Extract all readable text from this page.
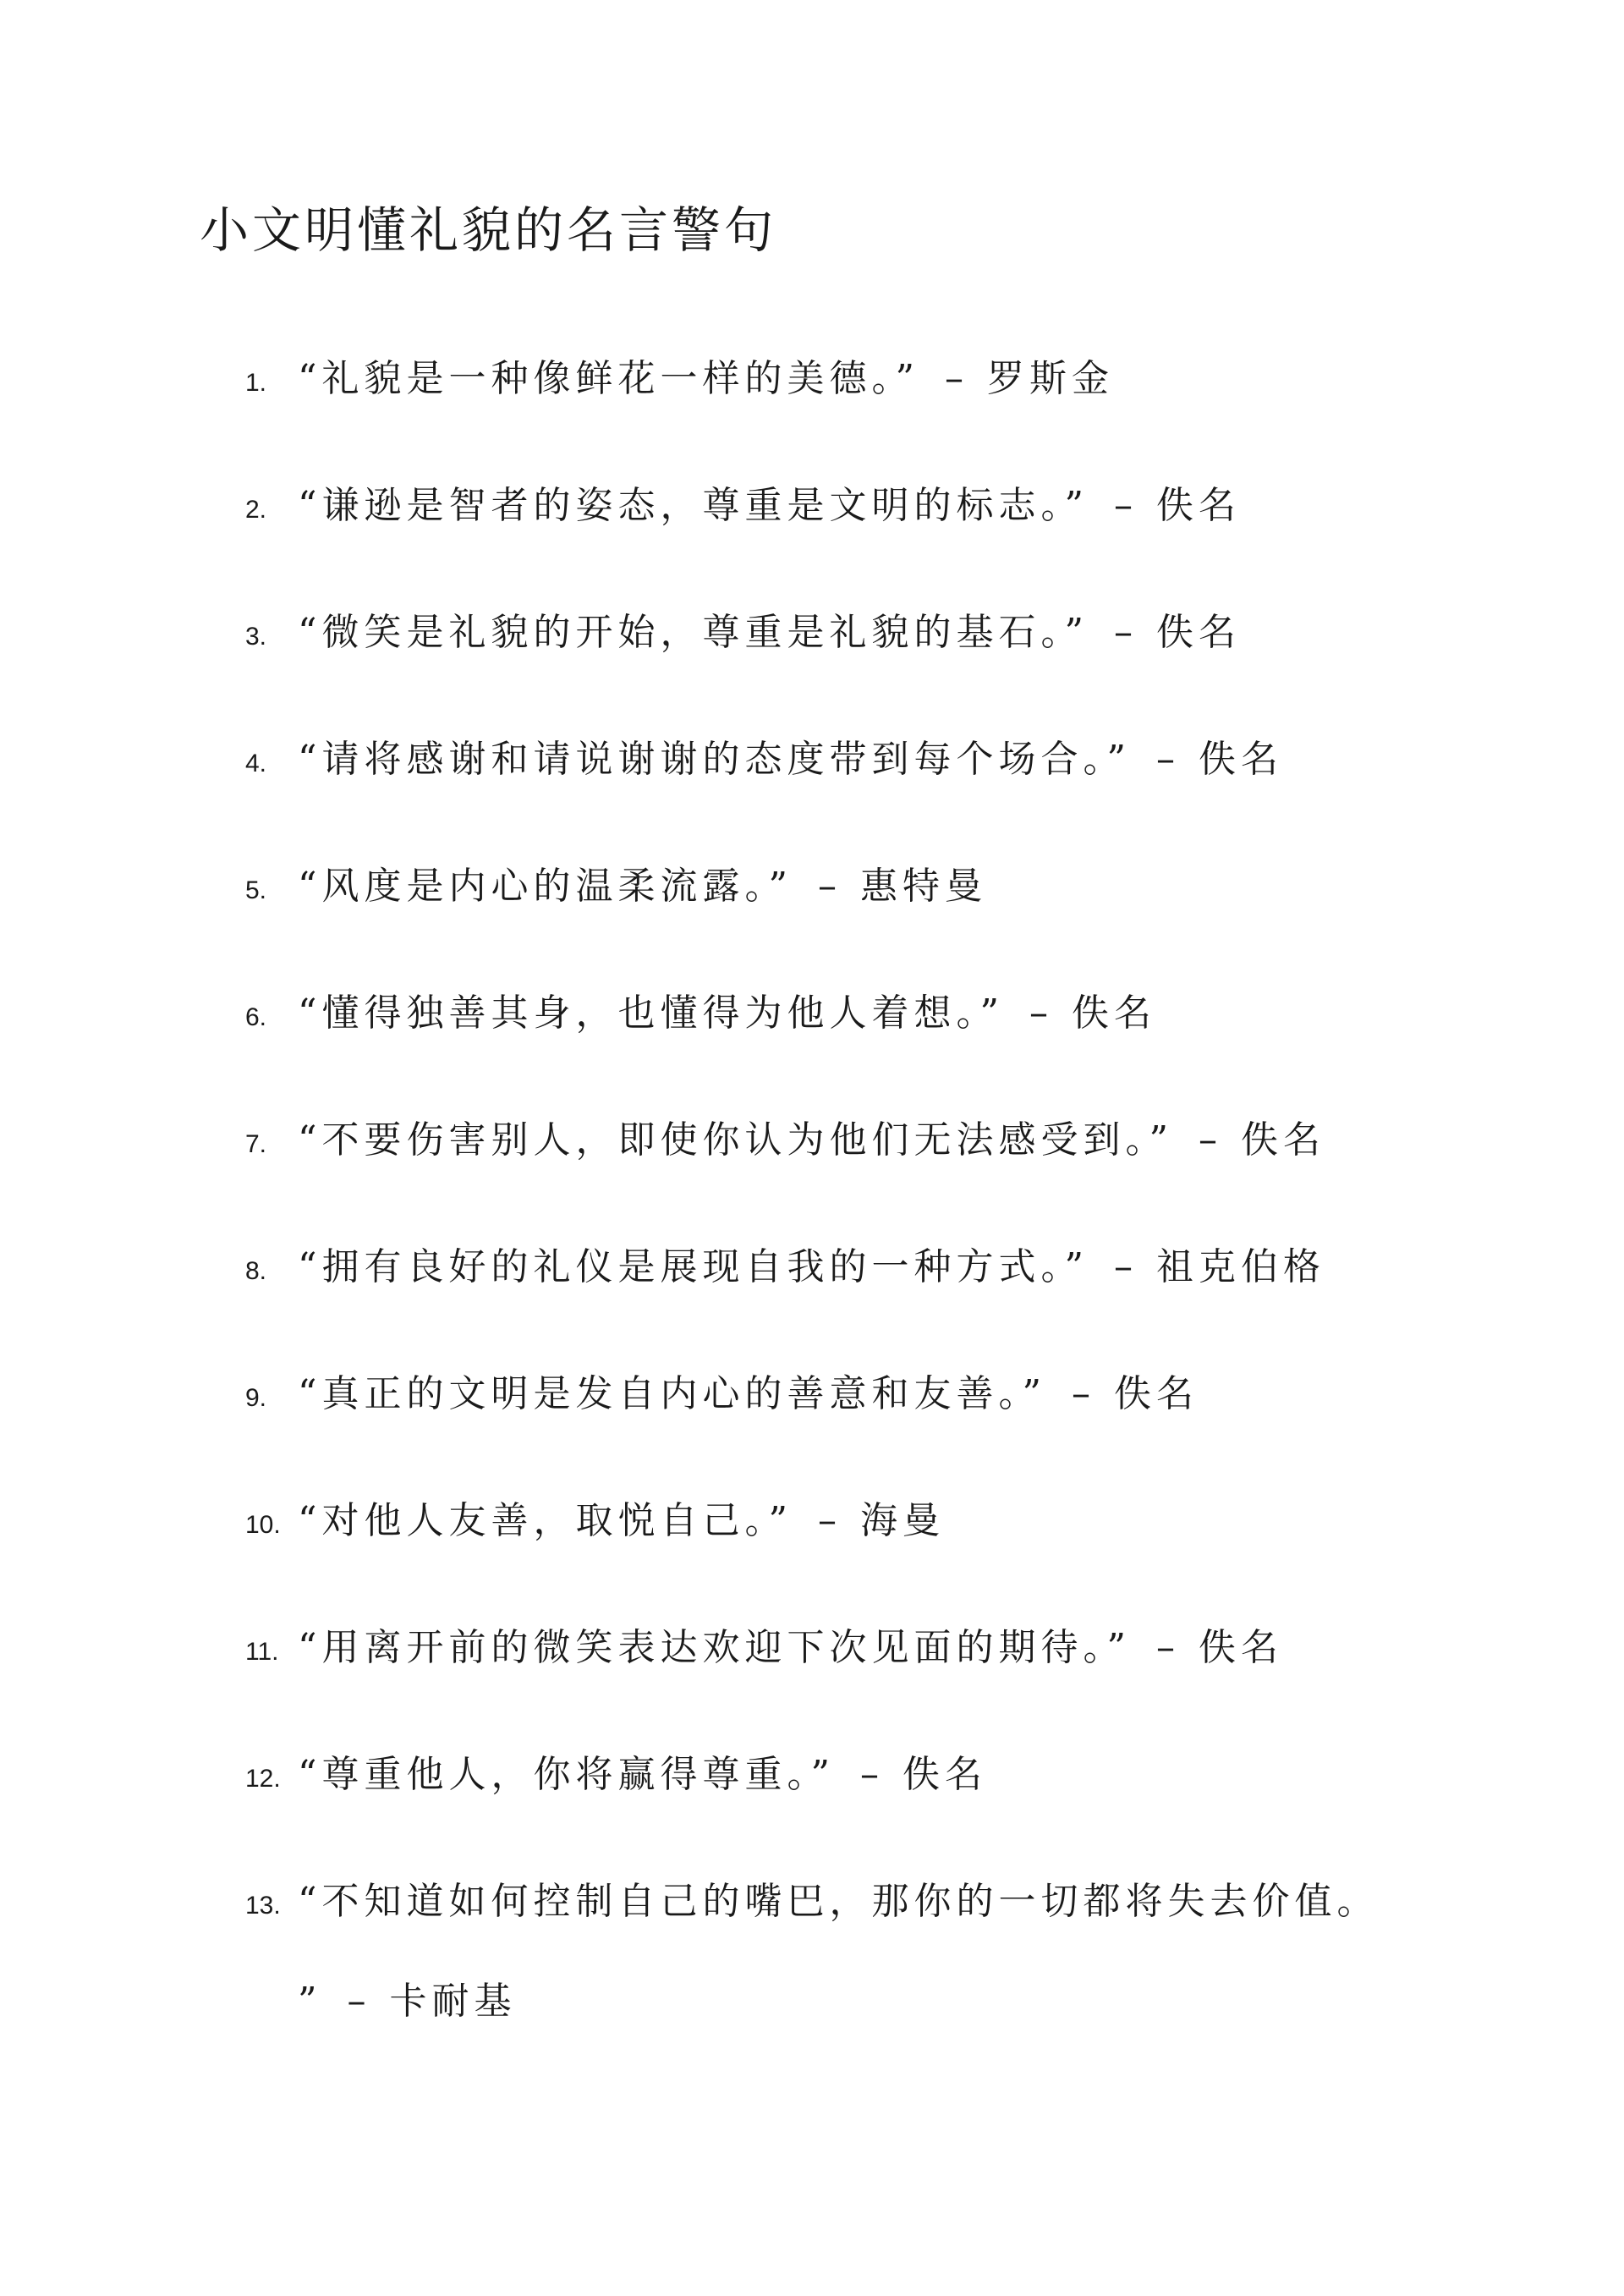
小文明懂礼貌的名言警句
1. “礼貌是一种像鲜花一样的美德。” – 罗斯金
2. “谦逊是智者的姿态，尊重是文明的标志。” – 佚名
3. “微笑是礼貌的开始，尊重是礼貌的基石。” – 佚名
4. “请将感谢和请说谢谢的态度带到每个场合。” – 佚名
5. “风度是内心的温柔流露。” – 惠特曼
6. “懂得独善其身，也懂得为他人着想。” – 佚名
7. “不要伤害别人，即使你认为他们无法感受到。” – 佚名
8. “拥有良好的礼仪是展现自我的一种方式。” – 祖克伯格
9. “真正的文明是发自内心的善意和友善。” – 佚名
10. “对他人友善，取悦自己。” – 海曼
11. “用离开前的微笑表达欢迎下次见面的期待。” – 佚名
12. “尊重他人，你将赢得尊重。” – 佚名
13. “不知道如何控制自己的嘴巴，那你的一切都将失去价值。
” – 卡耐基
